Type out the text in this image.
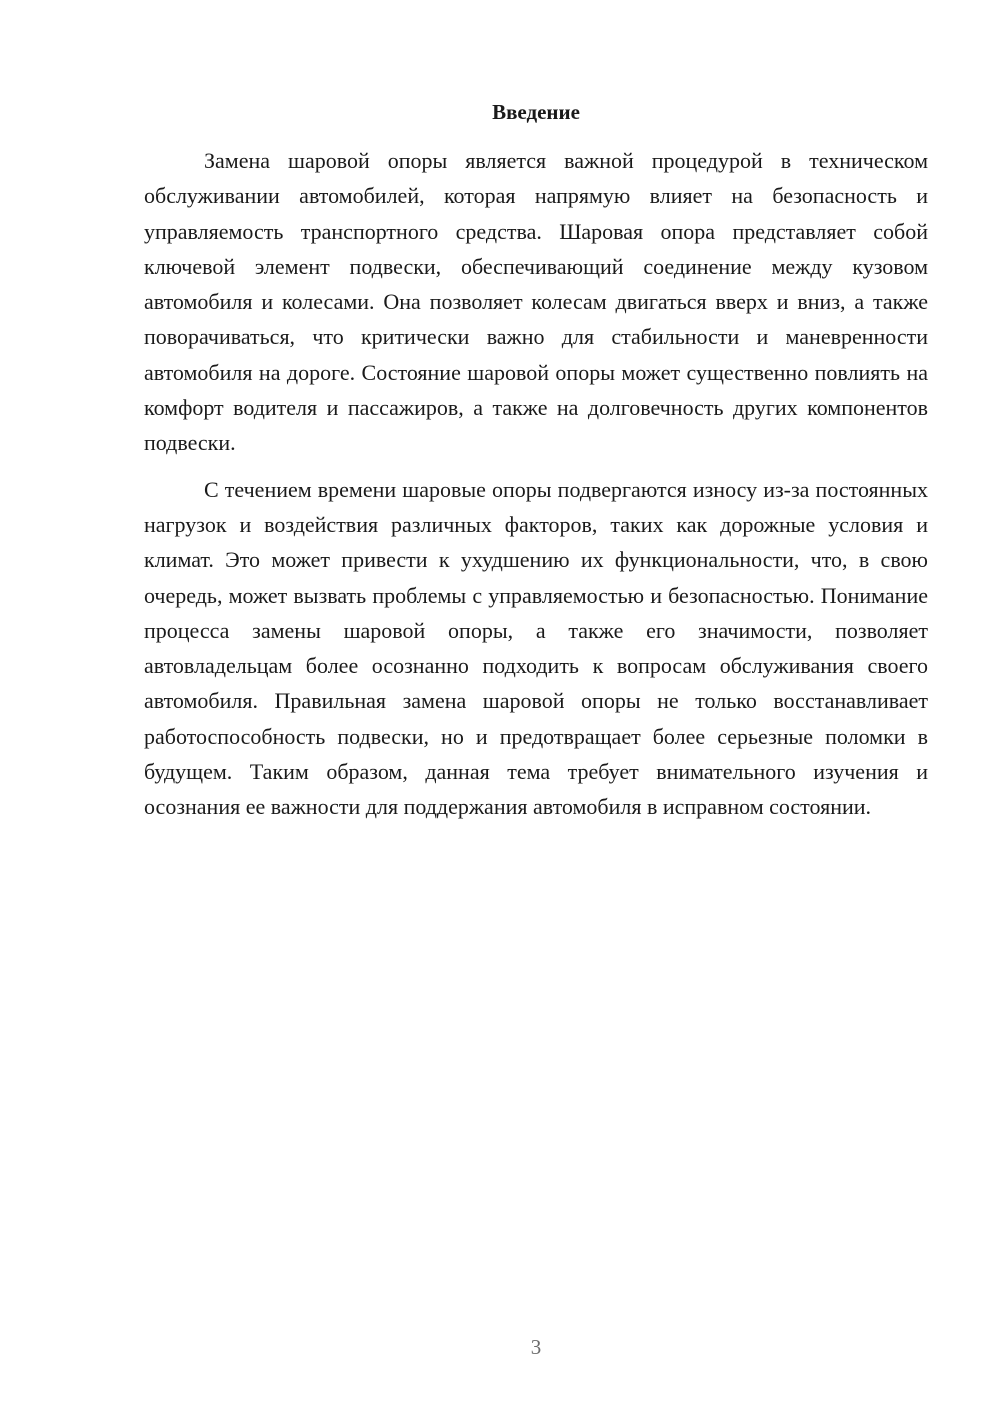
Введение

Замена шаровой опоры является важной процедурой в техническом обслуживании автомобилей, которая напрямую влияет на безопасность и управляемость транспортного средства. Шаровая опора представляет собой ключевой элемент подвески, обеспечивающий соединение между кузовом автомобиля и колесами. Она позволяет колесам двигаться вверх и вниз, а также поворачиваться, что критически важно для стабильности и маневренности автомобиля на дороге. Состояние шаровой опоры может существенно повлиять на комфорт водителя и пассажиров, а также на долговечность других компонентов подвески.

С течением времени шаровые опоры подвергаются износу из-за постоянных нагрузок и воздействия различных факторов, таких как дорожные условия и климат. Это может привести к ухудшению их функциональности, что, в свою очередь, может вызвать проблемы с управляемостью и безопасностью. Понимание процесса замены шаровой опоры, а также его значимости, позволяет автовладельцам более осознанно подходить к вопросам обслуживания своего автомобиля. Правильная замена шаровой опоры не только восстанавливает работоспособность подвески, но и предотвращает более серьезные поломки в будущем. Таким образом, данная тема требует внимательного изучения и осознания ее важности для поддержания автомобиля в исправном состоянии.

3
